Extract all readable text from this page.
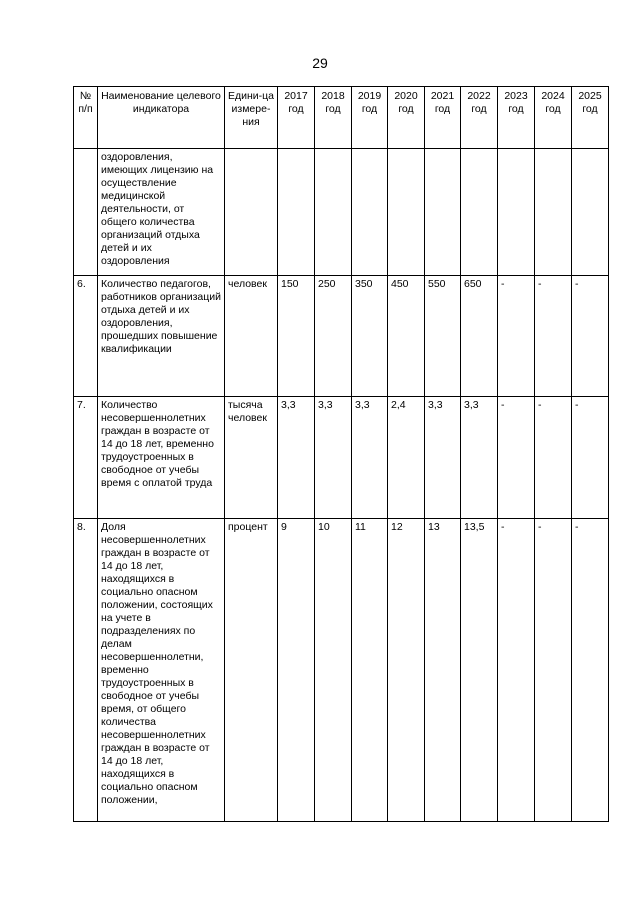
29
№ п/п	Наименование целевого индикатора	Едини-ца измере-ния	2017 год	2018 год	2019 год	2020 год	2021 год	2022 год	2023 год	2024 год	2025 год
	оздоровления, имеющих лицензию на осуществление медицинской деятельности, от общего количества организаций отдыха детей и их оздоровления										
6.	Количество педагогов, работников организаций отдыха детей и их оздоровления, прошедших повышение квалификации	человек	150	250	350	450	550	650	-	-	-
7.	Количество несовершеннолетних граждан в возрасте от 14 до 18 лет, временно трудоустроенных в свободное от учебы время с оплатой труда	тысяча человек	3,3	3,3	3,3	2,4	3,3	3,3	-	-	-
8.	Доля несовершеннолетних граждан в возрасте от 14 до 18 лет, находящихся в социально опасном положении, состоящих на учете в подразделениях по делам несовершеннолетни, временно трудоустроенных в свободное от учебы время, от общего количества несовершеннолетних граждан в возрасте от 14 до 18 лет, находящихся в социально опасном положении,	процент	9	10	11	12	13	13,5	-	-	-
